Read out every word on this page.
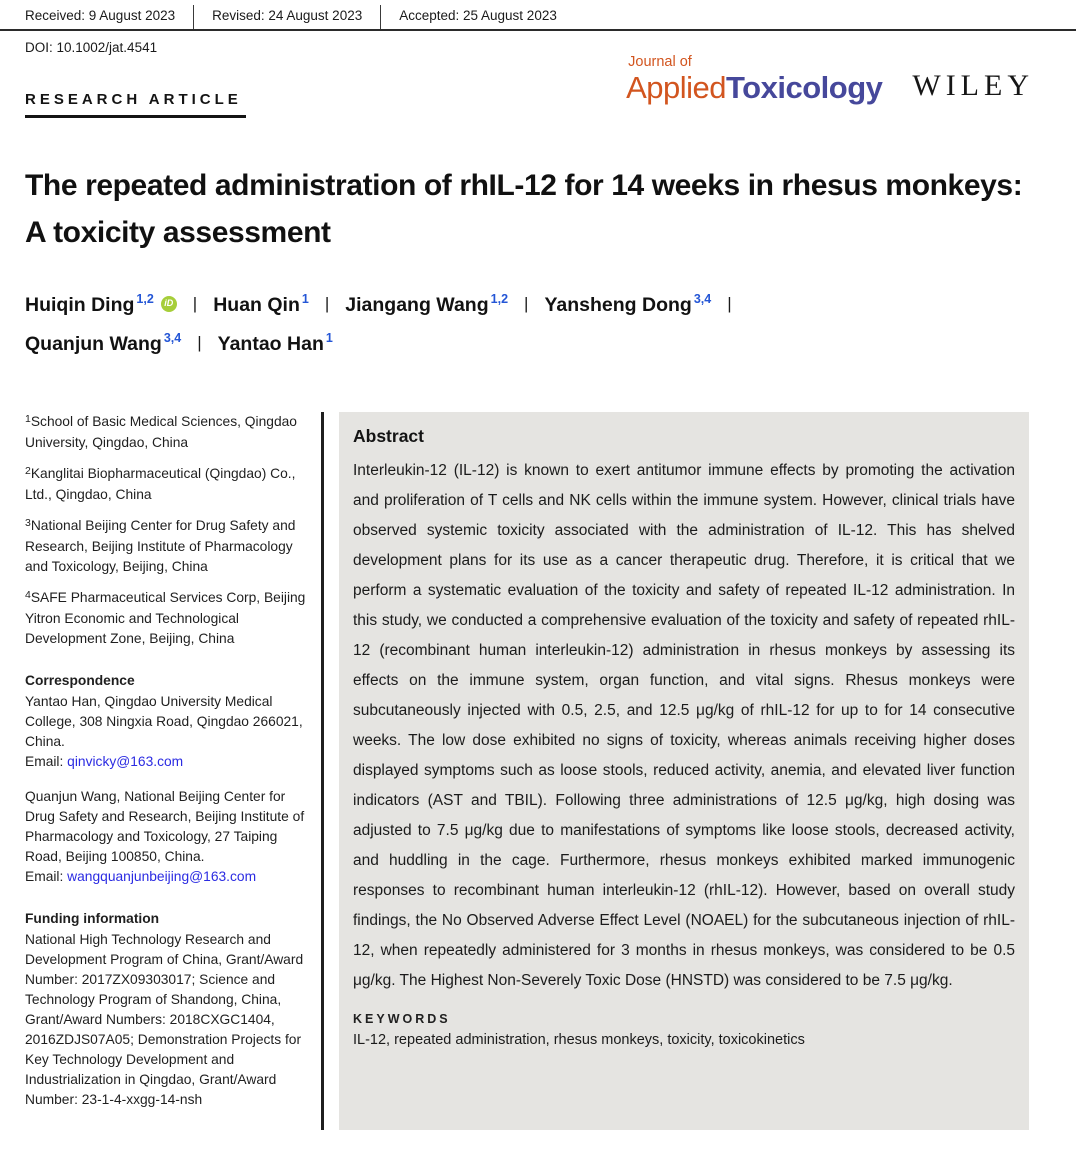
Received: 9 August 2023	Revised: 24 August 2023	Accepted: 25 August 2023
DOI: 10.1002/jat.4541
Journal of
Applied Toxicology WILEY
RESEARCH ARTICLE
The repeated administration of rhIL-12 for 14 weeks in rhesus monkeys: A toxicity assessment
Huiqin Ding $^{1,2}$ iD | Huan Qin $^1$ | Jiangang Wang $^{1,2}$ | Yansheng Dong $^{3,4}$ |
Quanjun Wang $^{3,4}$ | Yantao Han $^1$

$^1$School of Basic Medical Sciences, Qingdao University, Qingdao, China

$^2$Kanglitai Biopharmaceutical (Qingdao) Co., Ltd., Qingdao, China

$^3$National Beijing Center for Drug Safety and Research, Beijing Institute of Pharmacology and Toxicology, Beijing, China

$^4$SAFE Pharmaceutical Services Corp, Beijing Yitron Economic and Technological Development Zone, Beijing, China

Correspondence

Yantao Han, Qingdao University Medical College, 308 Ningxia Road, Qingdao 266021, China.
Email: qinvicky@163.com
Quanjun Wang, National Beijing Center for Drug Safety and Research, Beijing Institute of Pharmacology and Toxicology, 27 Taiping Road, Beijing 100850, China.
Email: wangquanjunbeijing@163.com

Funding information

National High Technology Research and Development Program of China, Grant/Award Number: 2017ZX09303017; Science and Technology Program of Shandong, China, Grant/Award Numbers: 2018CXGC1404, 2016ZDJS07A05; Demonstration Projects for Key Technology Development and Industrialization in Qingdao, Grant/Award Number: 23-1-4-xxgg-14-nsh

Abstract
Interleukin-12 (IL-12) is known to exert antitumor immune effects by promoting the activation and proliferation of T cells and NK cells within the immune system. However, clinical trials have observed systemic toxicity associated with the administration of IL-12. This has shelved development plans for its use as a cancer therapeutic drug. Therefore, it is critical that we perform a systematic evaluation of the toxicity and safety of repeated IL-12 administration. In this study, we conducted a comprehensive evaluation of the toxicity and safety of repeated rhIL-12 (recombinant human interleukin-12) administration in rhesus monkeys by assessing its effects on the immune system, organ function, and vital signs. Rhesus monkeys were subcutaneously injected with 0.5, 2.5, and 12.5 μg/kg of rhIL-12 for up to for 14 consecutive weeks. The low dose exhibited no signs of toxicity, whereas animals receiving higher doses displayed symptoms such as loose stools, reduced activity, anemia, and elevated liver function indicators (AST and TBIL). Following three administrations of 12.5 μg/kg, high dosing was adjusted to 7.5 μg/kg due to manifestations of symptoms like loose stools, decreased activity, and huddling in the cage. Furthermore, rhesus monkeys exhibited marked immunogenic responses to recombinant human interleukin-12 (rhIL-12). However, based on overall study findings, the No Observed Adverse Effect Level (NOAEL) for the subcutaneous injection of rhIL-12, when repeatedly administered for 3 months in rhesus monkeys, was considered to be 0.5 μg/kg. The Highest Non-Severely Toxic Dose (HNSTD) was considered to be 7.5 μg/kg.
KEYWORDS
IL-12, repeated administration, rhesus monkeys, toxicity, toxicokinetics
